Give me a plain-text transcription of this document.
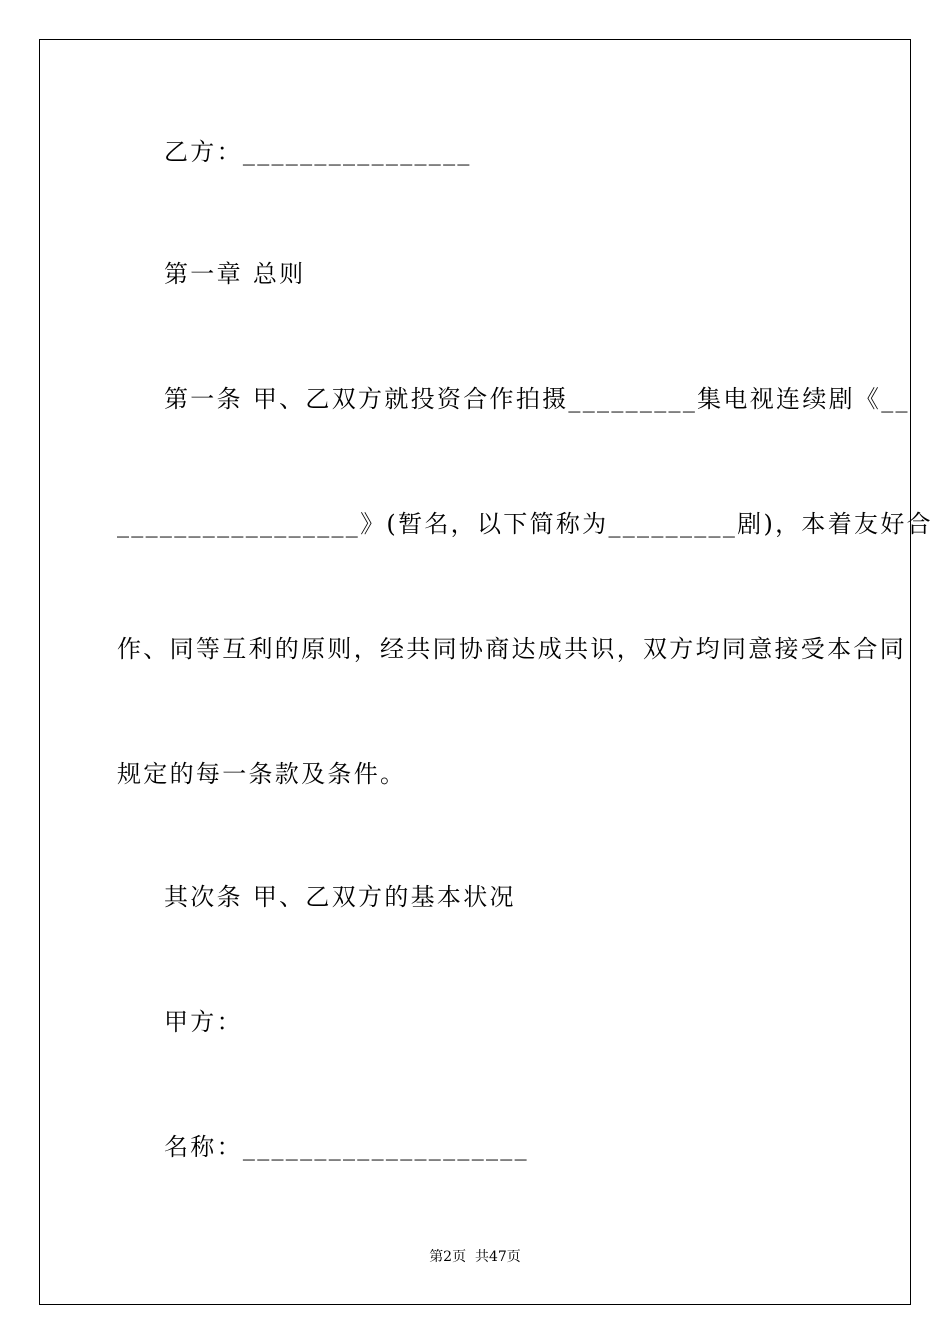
乙方：________________
第一章 总则
第一条 甲、乙双方就投资合作拍摄_________集电视连续剧《__
_________________》(暂名，以下简称为_________剧)，本着友好合
作、同等互利的原则，经共同协商达成共识，双方均同意接受本合同
规定的每一条款及条件。
其次条 甲、乙双方的基本状况
甲方：
名称：____________________
第2页  共47页
